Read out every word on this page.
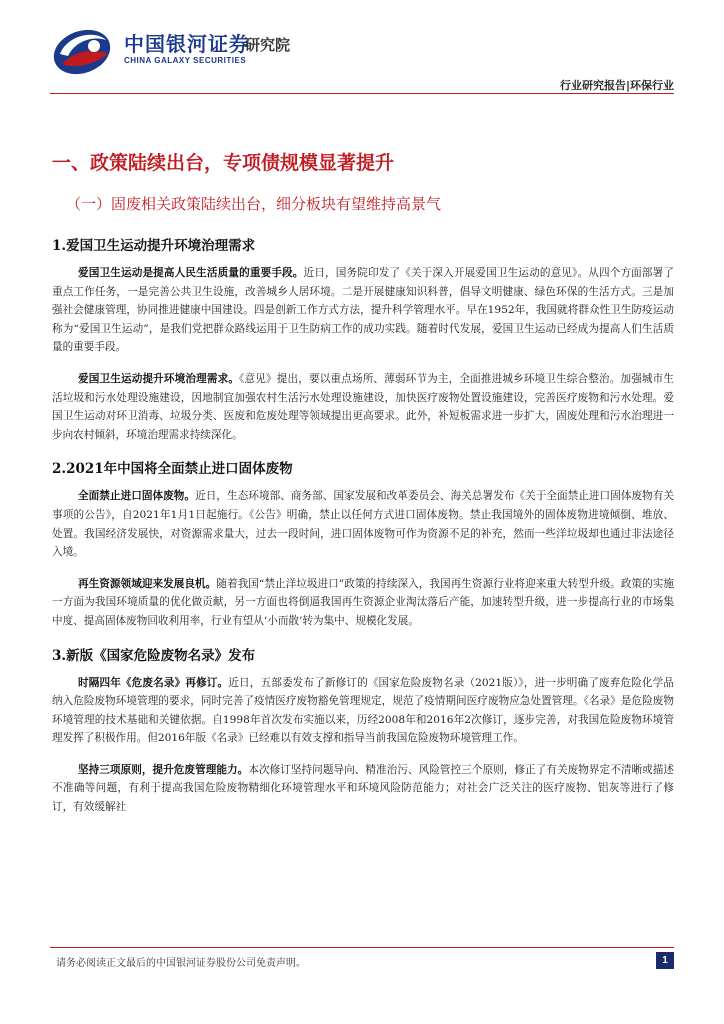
中国银河证券
研究院
CHINA GALAXY SECURITIES
行业研究报告|环保行业
一、政策陆续出台，专项债规模显著提升
（一）固废相关政策陆续出台，细分板块有望维持高景气
1.爱国卫生运动提升环境治理需求

爱国卫生运动是提高人民生活质量的重要手段。近日，国务院印发了《关于深入开展爱国卫生运动的意见》。从四个方面部署了重点工作任务，一是完善公共卫生设施，改善城乡人居环境。二是开展健康知识科普，倡导文明健康、绿色环保的生活方式。三是加强社会健康管理，协同推进健康中国建设。四是创新工作方式方法，提升科学管理水平。早在1952年，我国就将群众性卫生防疫运动称为“爱国卫生运动”，是我们党把群众路线运用于卫生防病工作的成功实践。随着时代发展，爱国卫生运动已经成为提高人们生活质量的重要手段。

爱国卫生运动提升环境治理需求。《意见》提出，要以重点场所、薄弱环节为主，全面推进城乡环境卫生综合整治。加强城市生活垃圾和污水处理设施建设，因地制宜加强农村生活污水处理设施建设，加快医疗废物处置设施建设，完善医疗废物和污水处理。爱国卫生运动对环卫消毒、垃圾分类、医废和危废处理等领域提出更高要求。此外，补短板需求进一步扩大，固废处理和污水治理进一步向农村倾斜，环境治理需求持续深化。

2.2021年中国将全面禁止进口固体废物

全面禁止进口固体废物。近日，生态环境部、商务部、国家发展和改革委员会、海关总署发布《关于全面禁止进口固体废物有关事项的公告》，自2021年1月1日起施行。《公告》明确，禁止以任何方式进口固体废物。禁止我国境外的固体废物进境倾倒、堆放、处置。我国经济发展快，对资源需求量大，过去一段时间，进口固体废物可作为资源不足的补充，然而一些洋垃圾却也通过非法途径入境。

再生资源领域迎来发展良机。随着我国“禁止洋垃圾进口”政策的持续深入，我国再生资源行业将迎来重大转型升级。政策的实施一方面为我国环境质量的优化做贡献，另一方面也将倒逼我国再生资源企业淘汰落后产能，加速转型升级，进一步提高行业的市场集中度、提高固体废物回收利用率，行业有望从‘小而散’转为集中、规模化发展。

3.新版《国家危险废物名录》发布

时隔四年《危废名录》再修订。近日，五部委发布了新修订的《国家危险废物名录（2021版）》，进一步明确了废弃危险化学品纳入危险废物环境管理的要求，同时完善了疫情医疗废物豁免管理规定，规范了疫情期间医疗废物应急处置管理。《名录》是危险废物环境管理的技术基础和关键依据。自1998年首次发布实施以来，历经2008年和2016年2次修订，逐步完善，对我国危险废物环境管理发挥了积极作用。但2016年版《名录》已经难以有效支撑和指导当前我国危险废物环境管理工作。

坚持三项原则，提升危废管理能力。本次修订坚持问题导向、精准治污、风险管控三个原则，修正了有关废物界定不清晰或描述不准确等问题，有利于提高我国危险废物精细化环境管理水平和环境风险防范能力；对社会广泛关注的医疗废物、铝灰等进行了修订，有效缓解社

请务必阅读正文最后的中国银河证券股份公司免责声明。	1
